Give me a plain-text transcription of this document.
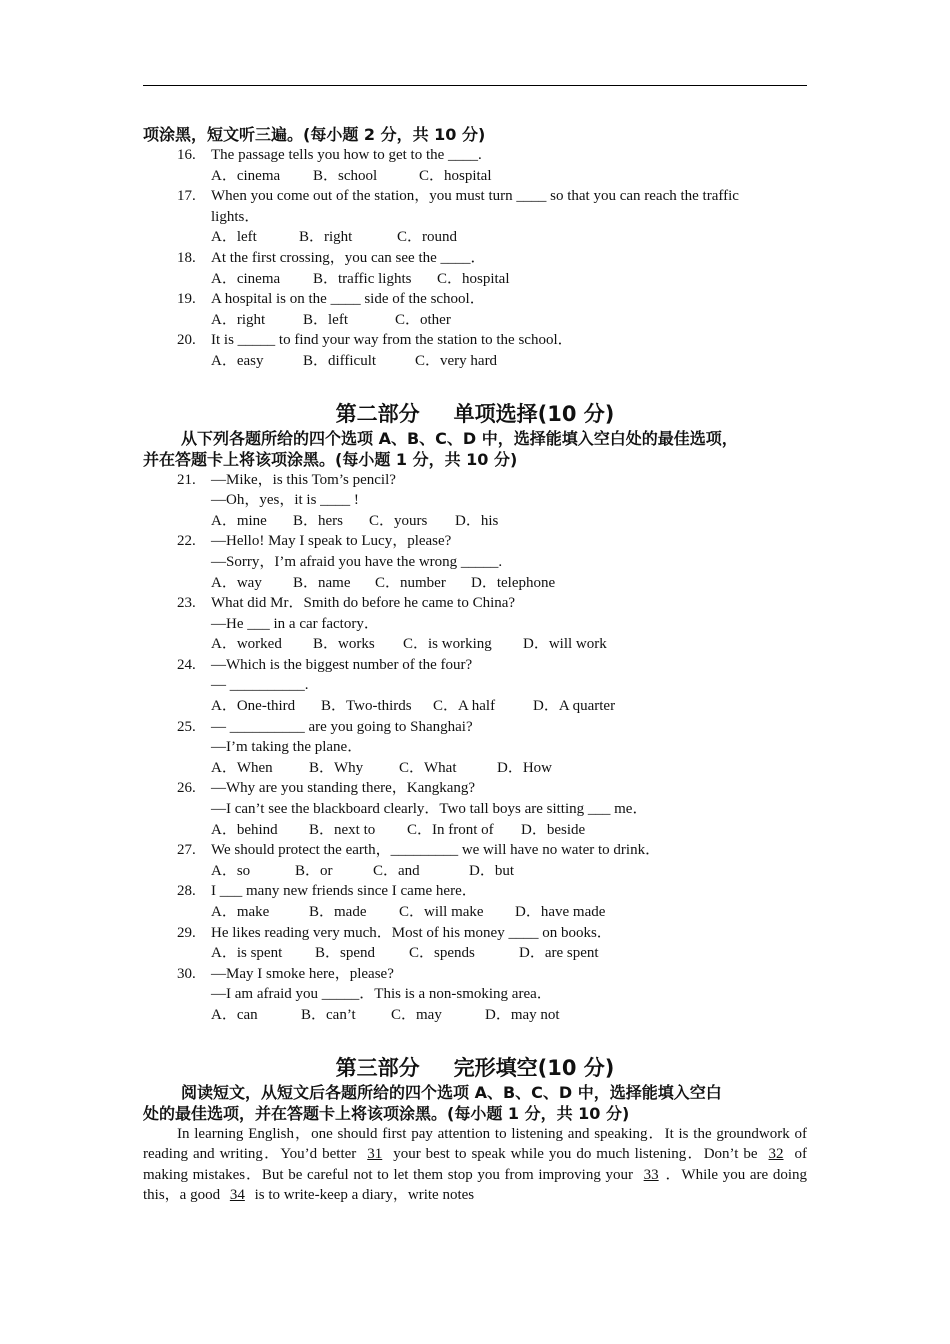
项涂黑，短文听三遍。(每小题 2 分，共 10 分)
16. The passage tells you how to get to the ____.
A．cinema B．school	C．hospital
17. When you come out of the station，you must turn ____ so that you can reach the traffic
lights．
A．left	B．right	C．round
18. At the first crossing，you can see the ____．
A．cinema B．traffic lights C．hospital
19. A hospital is on the ____ side of the school．
A．right	B．left	C．other
20. It is _____ to find your way from the station to the school．
A．easy	B．difficult	C．very hard
第二部分 单项选择(10 分)
从下列各题所给的四个选项 A、B、C、D 中，选择能填入空白处的最佳选项，
并在答题卡上将该项涂黑。(每小题 1 分，共 10 分)
21. —Mike，is this Tom’s pencil?
—Oh，yes，it is ____ !
A．mine B．hers C．yours D．his
22. —Hello! May I speak to Lucy，please?
—Sorry，I’m afraid you have the wrong _____.
A．way B．name C．number D．telephone
23. What did Mr．Smith do before he came to China?
—He ___ in a car factory．
A．worked B．works C．is working D．will work
24. —Which is the biggest number of the four?
— __________.
A．One-third B．Two-thirds C．A half	D．A quarter
25. — __________ are you going to Shanghai?
—I’m taking the plane．
A．When B．Why C．What	D．How
26. —Why are you standing there，Kangkang?
—I can’t see the blackboard clearly．Two tall boys are sitting ___ me．
A．behind B．next to C．In front of D．beside
27. We should protect the earth，_________ we will have no water to drink．
A．so	B．or	C．and	D．but
28. I ___ many new friends since I came here．
A．make	B．made C．will make D．have made
29. He likes reading very much．Most of his money ____ on books．
A．is spent B．spend C．spends	D．are spent
30. —May I smoke here，please?
—I am afraid you _____．This is a non-smoking area．
A．can	B．can’t C．may	D．may not
第三部分 完形填空(10 分)
阅读短文，从短文后各题所给的四个选项 A、B、C、D 中，选择能填入空白
处的最佳选项，并在答题卡上将该项涂黑。(每小题 1 分，共 10 分)
In learning English，one should first pay attention to listening and speaking．It is the groundwork of reading and writing．You’d better 31 your best to speak while you do much listening．Don’t be 32 of making mistakes．But be careful not to let them stop you from improving your 33 ．While you are doing this，a good 34 is to write-keep a diary，write notes
